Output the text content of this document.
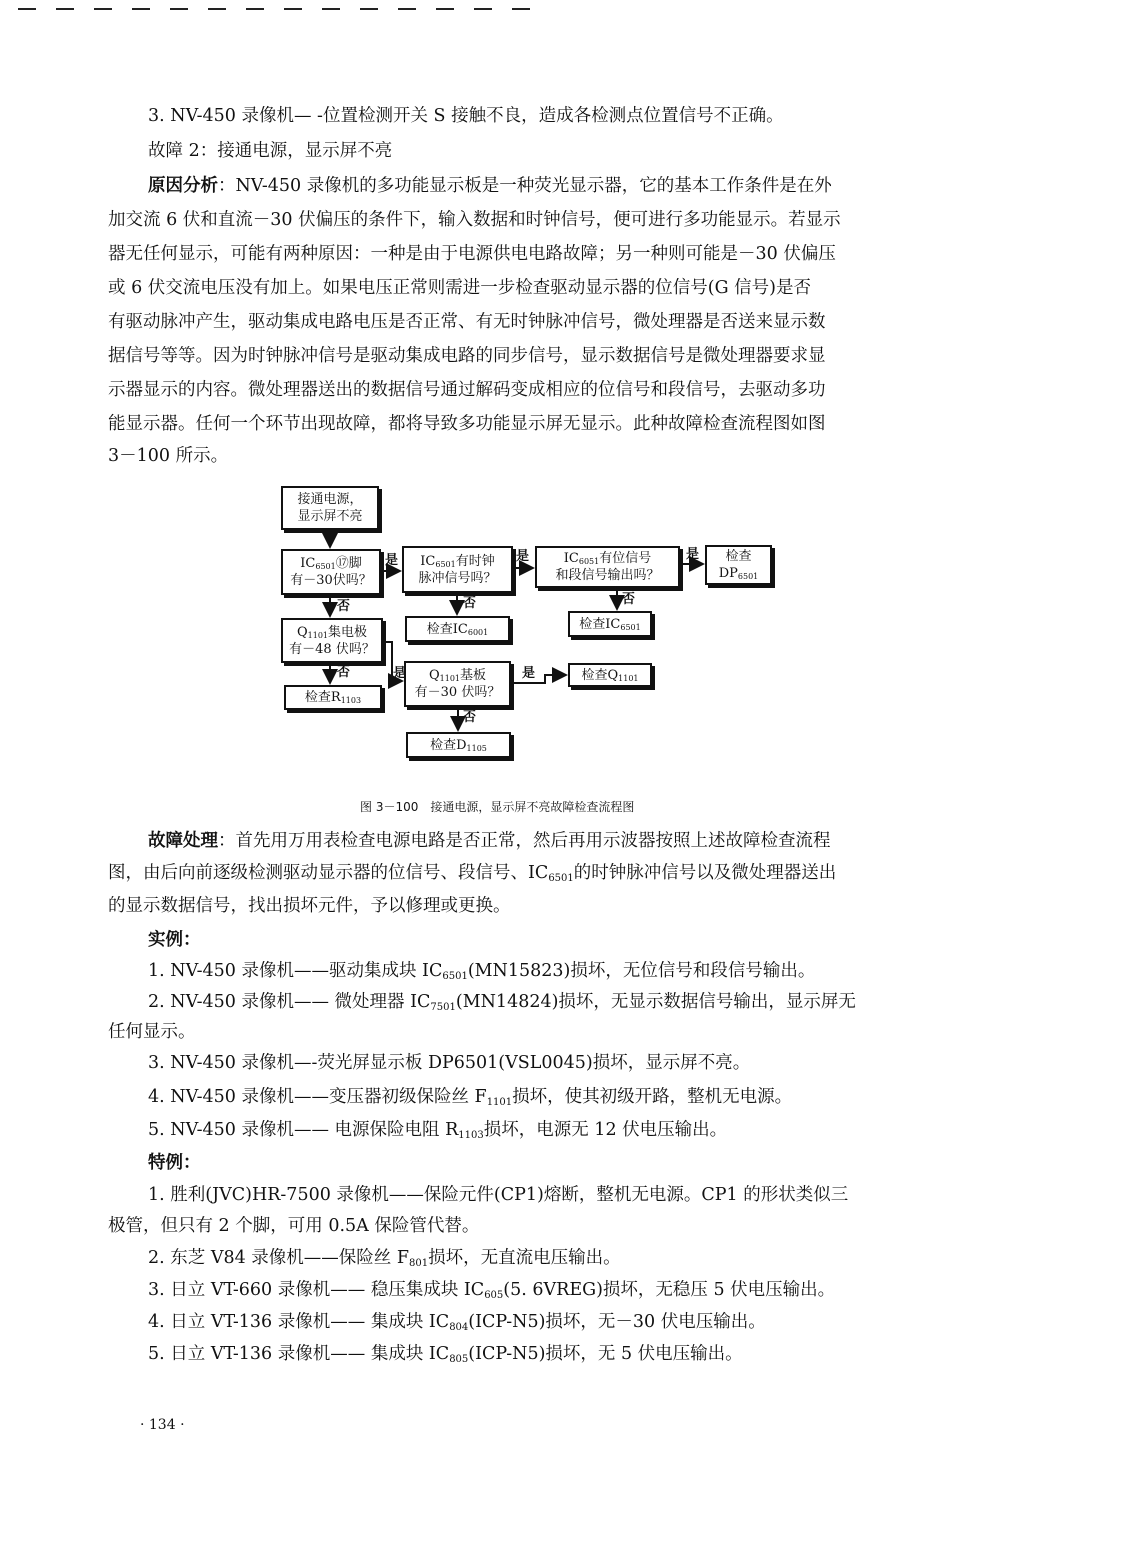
3. NV-450 录像机— -位置检测开关 S 接触不良，造成各检测点位置信号不正确。
故障 2：接通电源，显示屏不亮
原因分析：NV-450 录像机的多功能显示板是一种荧光显示器，它的基本工作条件是在外
加交流 6 伏和直流－30 伏偏压的条件下，输入数据和时钟信号，便可进行多功能显示。若显示
器无任何显示，可能有两种原因：一种是由于电源供电电路故障；另一种则可能是－30 伏偏压
或 6 伏交流电压没有加上。如果电压正常则需进一步检查驱动显示器的位信号(G 信号)是否
有驱动脉冲产生，驱动集成电路电压是否正常、有无时钟脉冲信号，微处理器是否送来显示数
据信号等等。因为时钟脉冲信号是驱动集成电路的同步信号，显示数据信号是微处理器要求显
示器显示的内容。微处理器送出的数据信号通过解码变成相应的位信号和段信号，去驱动多功
能显示器。任何一个环节出现故障，都将导致多功能显示屏无显示。此种故障检查流程图如图
3－100 所示。
接通电源，
显示屏不亮
IC6501⑰脚
有－30伏吗？
IC6501有时钟
脉冲信号吗？
IC6051有位信号
和段信号输出吗？
检查
DP6501
检查IC6001
检查IC6501
Q1101集电极
有－48 伏吗？
检查R1103
Q1101基板
有－30 伏吗？
检查Q1101
检查D1105
是	是	是
是	是
否	否	否
否
否
图 3－100　接通电源，显示屏不亮故障检查流程图
故障处理：首先用万用表检查电源电路是否正常，然后再用示波器按照上述故障检查流程
图，由后向前逐级检测驱动显示器的位信号、段信号、$IC_{6501}$的时钟脉冲信号以及微处理器送出
的显示数据信号，找出损坏元件，予以修理或更换。
实例：
1. NV-450 录像机——驱动集成块 $IC_{6501}(MN15823)$损坏，无位信号和段信号输出。
2. NV-450 录像机—— 微处理器 $IC_{7501}(MN14824)$损坏，无显示数据信号输出，显示屏无
任何显示。
3. NV-450 录像机—-荧光屏显示板 DP6501(VSL0045)损坏，显示屏不亮。
4. NV-450 录像机——变压器初级保险丝 $F_{1101}$损坏，使其初级开路，整机无电源。
5. NV-450 录像机—— 电源保险电阻 $R_{1103}$损坏，电源无 12 伏电压输出。
特例：
1. 胜利(JVC)HR-7500 录像机——保险元件(CP1)熔断，整机无电源。CP1 的形状类似三
极管，但只有 2 个脚，可用 0.5A 保险管代替。
2. 东芝 V84 录像机——保险丝 $F_{801}$损坏，无直流电压输出。
3. 日立 VT-660 录像机—— 稳压集成块 $IC_{605}(5$. 6VREG)损坏，无稳压 5 伏电压输出。
4. 日立 VT-136 录像机—— 集成块 $IC_{804}(ICP-N5)$损坏，无－30 伏电压输出。
5. 日立 VT-136 录像机—— 集成块 $IC_{805}(ICP-N5)$损坏，无 5 伏电压输出。
· 134 ·
